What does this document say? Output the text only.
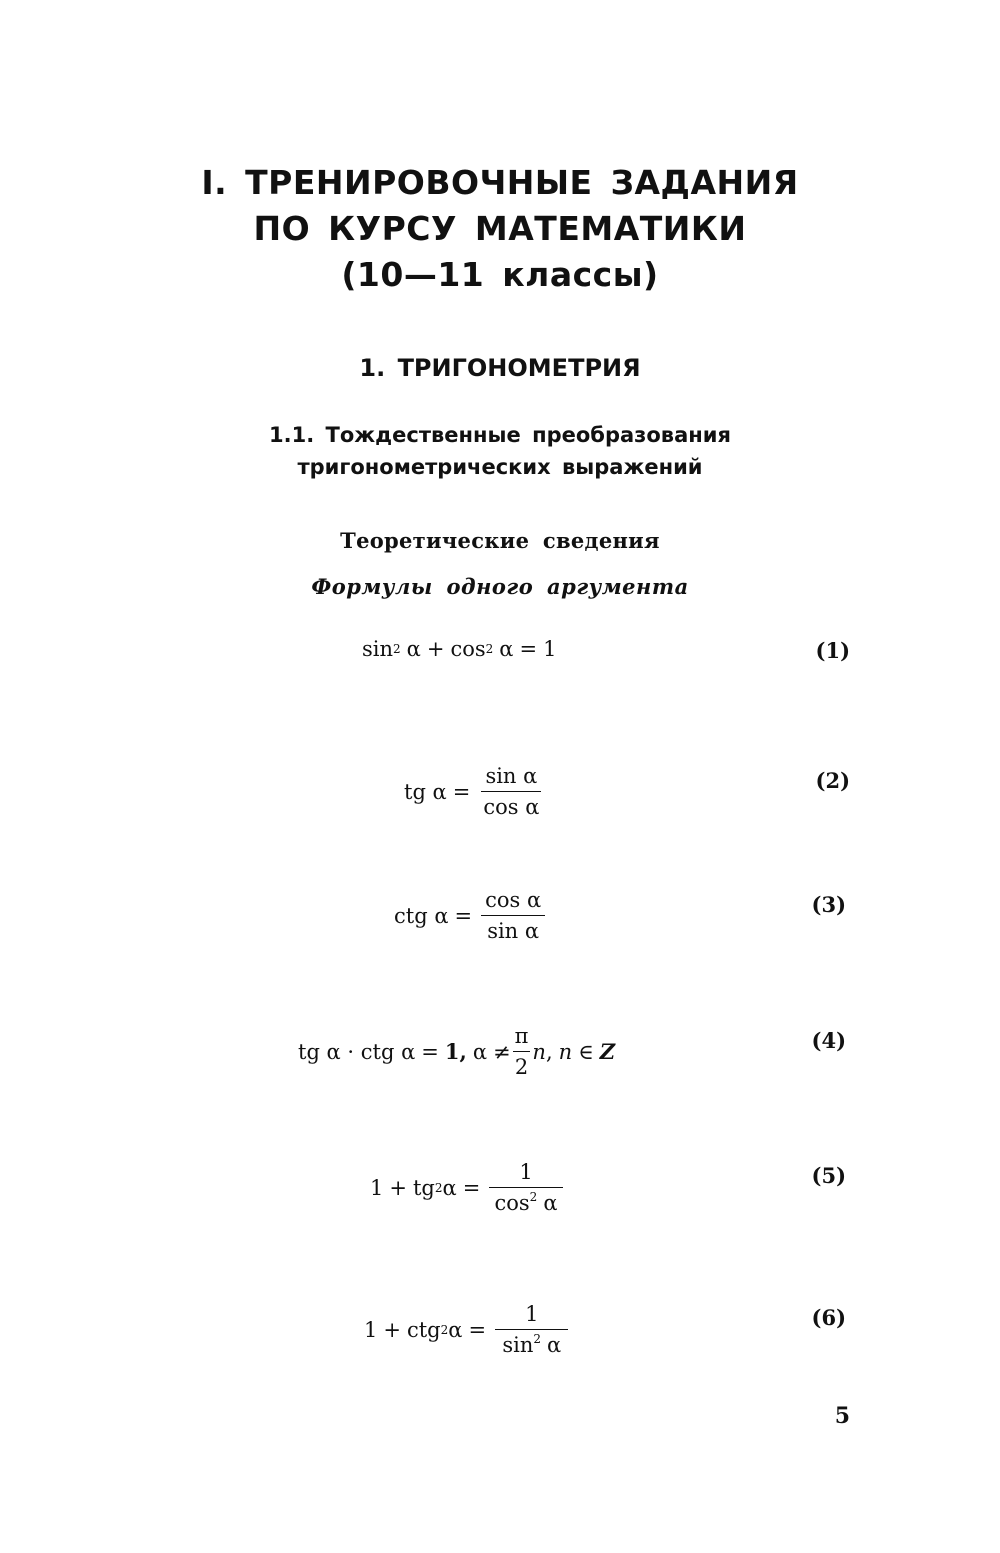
I. ТРЕНИРОВОЧНЫЕ ЗАДАНИЯ
ПО КУРСУ МАТЕМАТИКИ
(10—11 классы)
1. ТРИГОНОМЕТРИЯ
1.1. Тождественные преобразования
тригонометрических выражений
Теоретические сведения
Формулы одного аргумента
sin 2 α + cos 2 α = 1	(1)
tg $\alpha = \frac{\text{sin α}}{\text{cos α}}$	(2)
ctg $\alpha = \frac{\text{cos α}}{\text{sin α}}$	(3)
tg α · ctg α = 1, $\alpha \ne \frac{\pi}{2}$ n , n ∈ Z	(4)
1 + tg 2 $\alpha = \frac{1}{\cos^2 \alpha}$	(5)
1 + ctg 2 $\alpha = \frac{1}{\sin^2 \alpha}$	(6)
5
